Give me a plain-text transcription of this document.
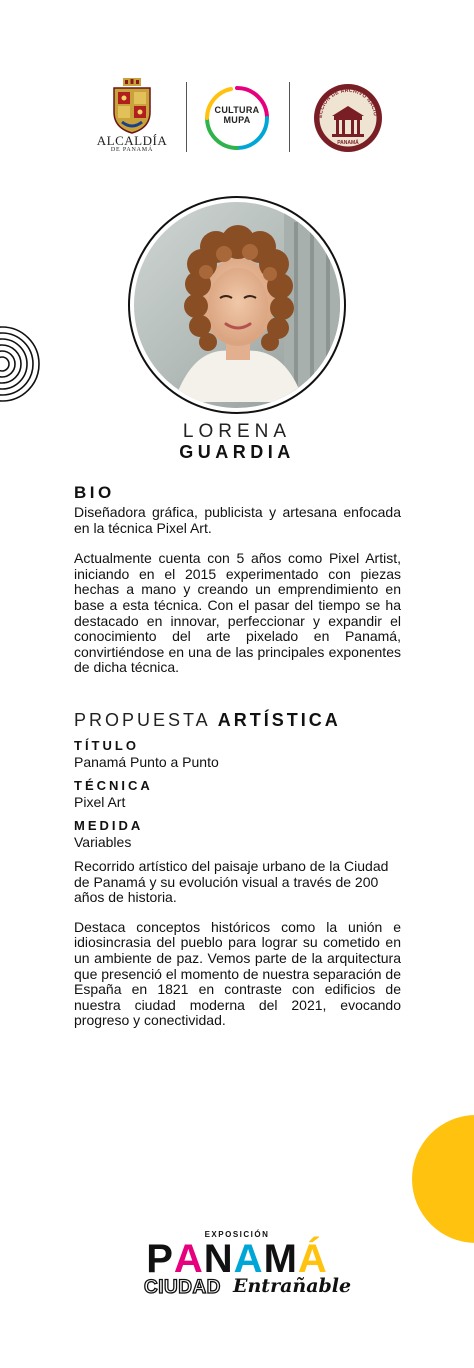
ALCALDÍA
DE PANAMÁ
CULTURA
MUPA	ECCIÓN DE ARCHIVO NACIO
PANAMÁ
LORENA
GUARDIA
BIO

Diseñadora gráfica, publicista y artesana enfocada en la técnica Pixel Art.

Actualmente cuenta con 5 años como Pixel Artist, iniciando en el 2015 experimentado con piezas hechas a mano y creando un emprendimiento en base a esta técnica. Con el pasar del tiempo se ha destacado en innovar, perfeccionar y expandir el conocimiento del arte pixelado en Panamá, convirtiéndose en una de las principales exponentes de dicha técnica.

PROPUESTA ARTÍSTICA
TÍTULO
Panamá Punto a Punto
TÉCNICA
Pixel Art
MEDIDA
Variables

Recorrido artístico del paisaje urbano de la Ciudad de Panamá y su evolución visual a través de 200 años de historia.

Destaca conceptos históricos como la unión e idiosincrasia del pueblo para lograr su cometido en un ambiente de paz. Vemos parte de la arquitectura que presenció el momento de nuestra separación de España en 1821 en contraste con edificios de nuestra ciudad moderna del 2021, evocando progreso y conectividad.

EXPOSICIÓN
PANAMÁ
CIUDAD Entrañable
